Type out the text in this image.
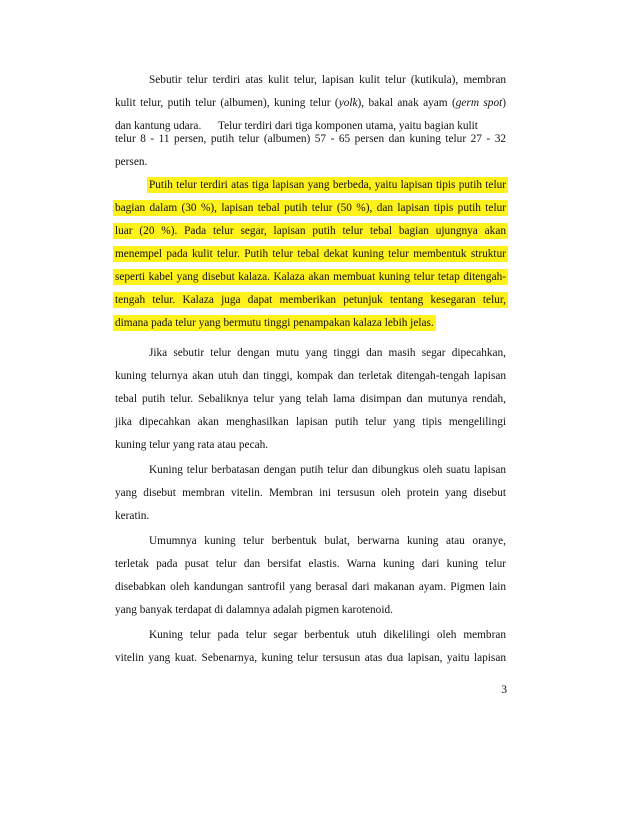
Sebutir telur terdiri atas kulit telur, lapisan kulit telur (kutikula), membran
kulit telur, putih telur (albumen), kuning telur (yolk), bakal anak ayam (germ spot)
dan kantung udara.      Telur terdiri dari tiga komponen utama, yaitu bagian kulit
telur 8 - 11 persen, putih telur (albumen) 57 - 65 persen dan kuning telur 27 - 32
persen.
Putih telur terdiri atas tiga lapisan yang berbeda, yaitu lapisan tipis putih telur
bagian dalam (30 %), lapisan tebal putih telur (50 %), dan lapisan tipis putih telur
luar (20 %). Pada telur segar, lapisan putih telur tebal bagian ujungnya akan
menempel pada kulit telur. Putih telur tebal dekat kuning telur membentuk struktur
seperti kabel yang disebut kalaza. Kalaza akan membuat kuning telur tetap ditengah-
tengah telur. Kalaza juga dapat memberikan petunjuk tentang kesegaran telur,
dimana pada telur yang bermutu tinggi penampakan kalaza lebih jelas.
Jika sebutir telur dengan mutu yang tinggi dan masih segar dipecahkan,
kuning telurnya akan utuh dan tinggi, kompak dan terletak ditengah-tengah lapisan
tebal putih telur. Sebaliknya telur yang telah lama disimpan dan mutunya rendah,
jika dipecahkan akan menghasilkan lapisan putih telur yang tipis mengelilingi
kuning telur yang rata atau pecah.
Kuning telur berbatasan dengan putih telur dan dibungkus oleh suatu lapisan
yang disebut membran vitelin. Membran ini tersusun oleh protein yang disebut
keratin.
Umumnya kuning telur berbentuk bulat, berwarna kuning atau oranye,
terletak pada pusat telur dan bersifat elastis. Warna kuning dari kuning telur
disebabkan oleh kandungan santrofil yang berasal dari makanan ayam. Pigmen lain
yang banyak terdapat di dalamnya adalah pigmen karotenoid.
Kuning telur pada telur segar berbentuk utuh dikelilingi oleh membran
vitelin yang kuat. Sebenarnya, kuning telur tersusun atas dua lapisan, yaitu lapisan
3
